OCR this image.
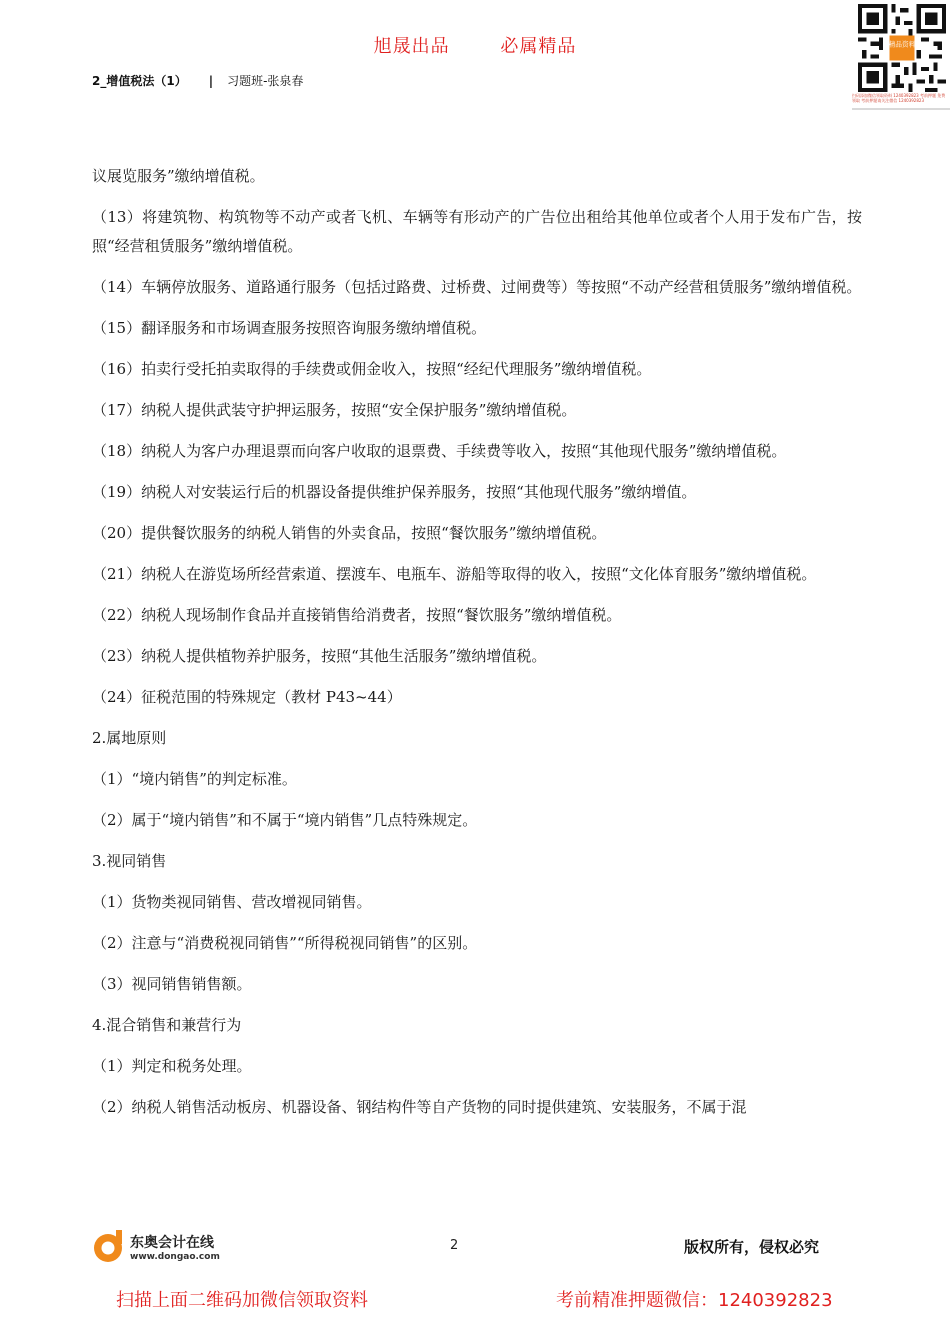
旭晟出品	必属精品
2_增值税法（1） | 习题班-张泉春
精品资料
扫码添加微信领取资料 1240392823 考前押题 免费领取 考前押题请关注微信 1240392823

议展览服务”缴纳增值税。

（13）将建筑物、构筑物等不动产或者飞机、车辆等有形动产的广告位出租给其他单位或者个人用于发布广告，按照“经营租赁服务”缴纳增值税。

（14）车辆停放服务、道路通行服务（包括过路费、过桥费、过闸费等）等按照“不动产经营租赁服务”缴纳增值税。

（15）翻译服务和市场调查服务按照咨询服务缴纳增值税。

（16）拍卖行受托拍卖取得的手续费或佣金收入，按照“经纪代理服务”缴纳增值税。

（17）纳税人提供武装守护押运服务，按照“安全保护服务”缴纳增值税。

（18）纳税人为客户办理退票而向客户收取的退票费、手续费等收入，按照“其他现代服务”缴纳增值税。

（19）纳税人对安装运行后的机器设备提供维护保养服务，按照“其他现代服务”缴纳增值。

（20）提供餐饮服务的纳税人销售的外卖食品，按照“餐饮服务”缴纳增值税。

（21）纳税人在游览场所经营索道、摆渡车、电瓶车、游船等取得的收入，按照“文化体育服务”缴纳增值税。

（22）纳税人现场制作食品并直接销售给消费者，按照“餐饮服务”缴纳增值税。

（23）纳税人提供植物养护服务，按照“其他生活服务”缴纳增值税。

（24）征税范围的特殊规定（教材 P43~44）

2.属地原则

（1）“境内销售”的判定标准。

（2）属于“境内销售”和不属于“境内销售”几点特殊规定。

3.视同销售

（1）货物类视同销售、营改增视同销售。

（2）注意与“消费税视同销售”“所得税视同销售”的区别。

（3）视同销售销售额。

4.混合销售和兼营行为

（1）判定和税务处理。

（2）纳税人销售活动板房、机器设备、钢结构件等自产货物的同时提供建筑、安装服务，不属于混

东奥会计在线
www.dongao.com
2	版权所有，侵权必究
扫描上面二维码加微信领取资料	考前精准押题微信：1240392823
